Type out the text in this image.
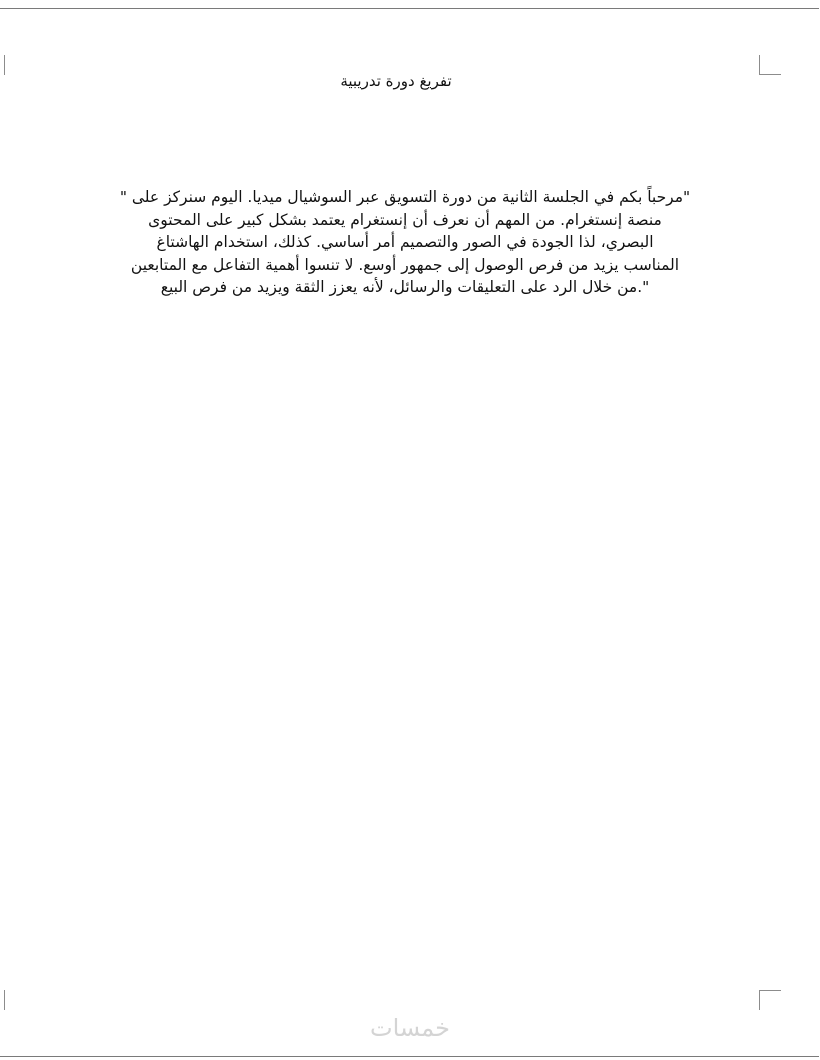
تفريغ دورة تدريبية

"مرحباً بكم في الجلسة الثانية من دورة التسويق عبر السوشيال ميديا. اليوم سنركز على "
منصة إنستغرام. من المهم أن نعرف أن إنستغرام يعتمد بشكل كبير على المحتوى
البصري، لذا الجودة في الصور والتصميم أمر أساسي. كذلك، استخدام الهاشتاغ
المناسب يزيد من فرص الوصول إلى جمهور أوسع. لا تنسوا أهمية التفاعل مع المتابعين
".من خلال الرد على التعليقات والرسائل، لأنه يعزز الثقة ويزيد من فرص البيع

خمسات
